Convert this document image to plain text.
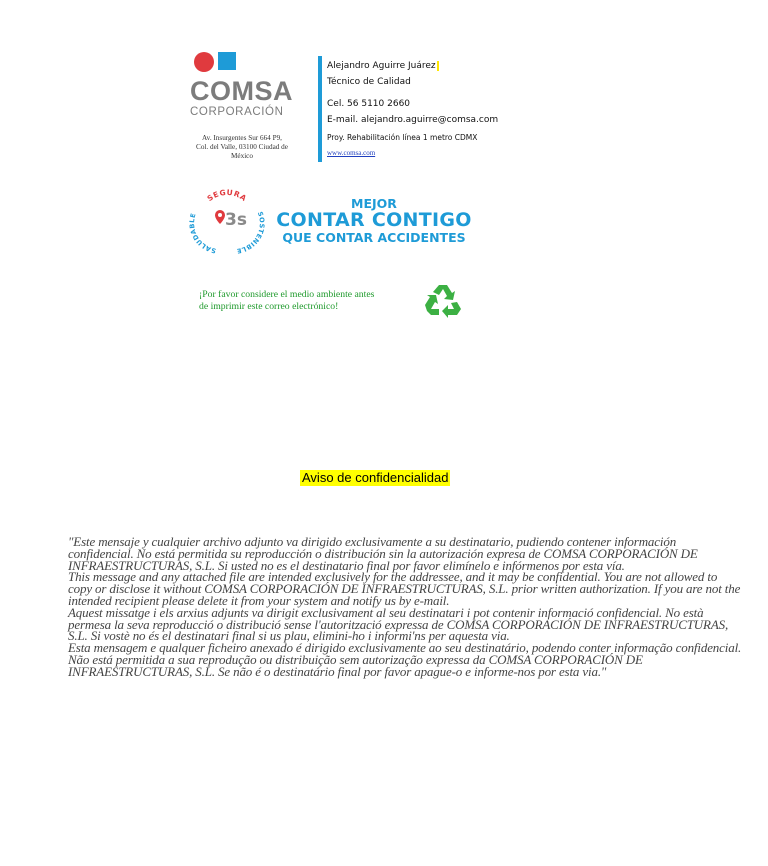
COMSA
CORPORACIÓN
Av. Insurgentes Sur 664 P9,
Col. del Valle, 03100 Ciudad de
México
Alejandro Aguirre Juárez
Técnico de Calidad
Cel. 56 5110 2660
E-mail. alejandro.aguirre@comsa.com
Proy. Rehabilitación línea 1 metro CDMX
www.comsa.com
SEGURA
SALUDABLE	SOSTENIBLE
3s
MEJOR
CONTAR CONTIGO
QUE CONTAR ACCIDENTES
¡Por favor considere el medio ambiente antes
de imprimir este correo electrónico!
Aviso de confidencialidad

"Este mensaje y cualquier archivo adjunto va dirigido exclusivamente a su destinatario, pudiendo contener información confidencial. No está permitida su reproducción o distribución sin la autorización expresa de COMSA CORPORACIÓN DE INFRAESTRUCTURAS, S.L. Si usted no es el destinatario final por favor elimínelo e infórmenos por esta vía.

This message and any attached file are intended exclusively for the addressee, and it may be confidential. You are not allowed to copy or disclose it without COMSA CORPORACIÓN DE INFRAESTRUCTURAS, S.L. prior written authorization. If you are not the intended recipient please delete it from your system and notify us by e-mail.

Aquest missatge i els arxius adjunts va dirigit exclusivament al seu destinatari i pot contenir informació confidencial. No està permesa la seva reproducció o distribució sense l'autorització expressa de COMSA CORPORACIÓN DE INFRAESTRUCTURAS, S.L. Si vostè no és el destinatari final si us plau, elimini-ho i informi'ns per aquesta via.

Esta mensagem e qualquer ficheiro anexado é dirigido exclusivamente ao seu destinatário, podendo conter informação confidencial. Não está permitida a sua reprodução ou distribuição sem autorização expressa da COMSA CORPORACIÓN DE INFRAESTRUCTURAS, S.L. Se não é o destinatário final por favor apague-o e informe-nos por esta via."
